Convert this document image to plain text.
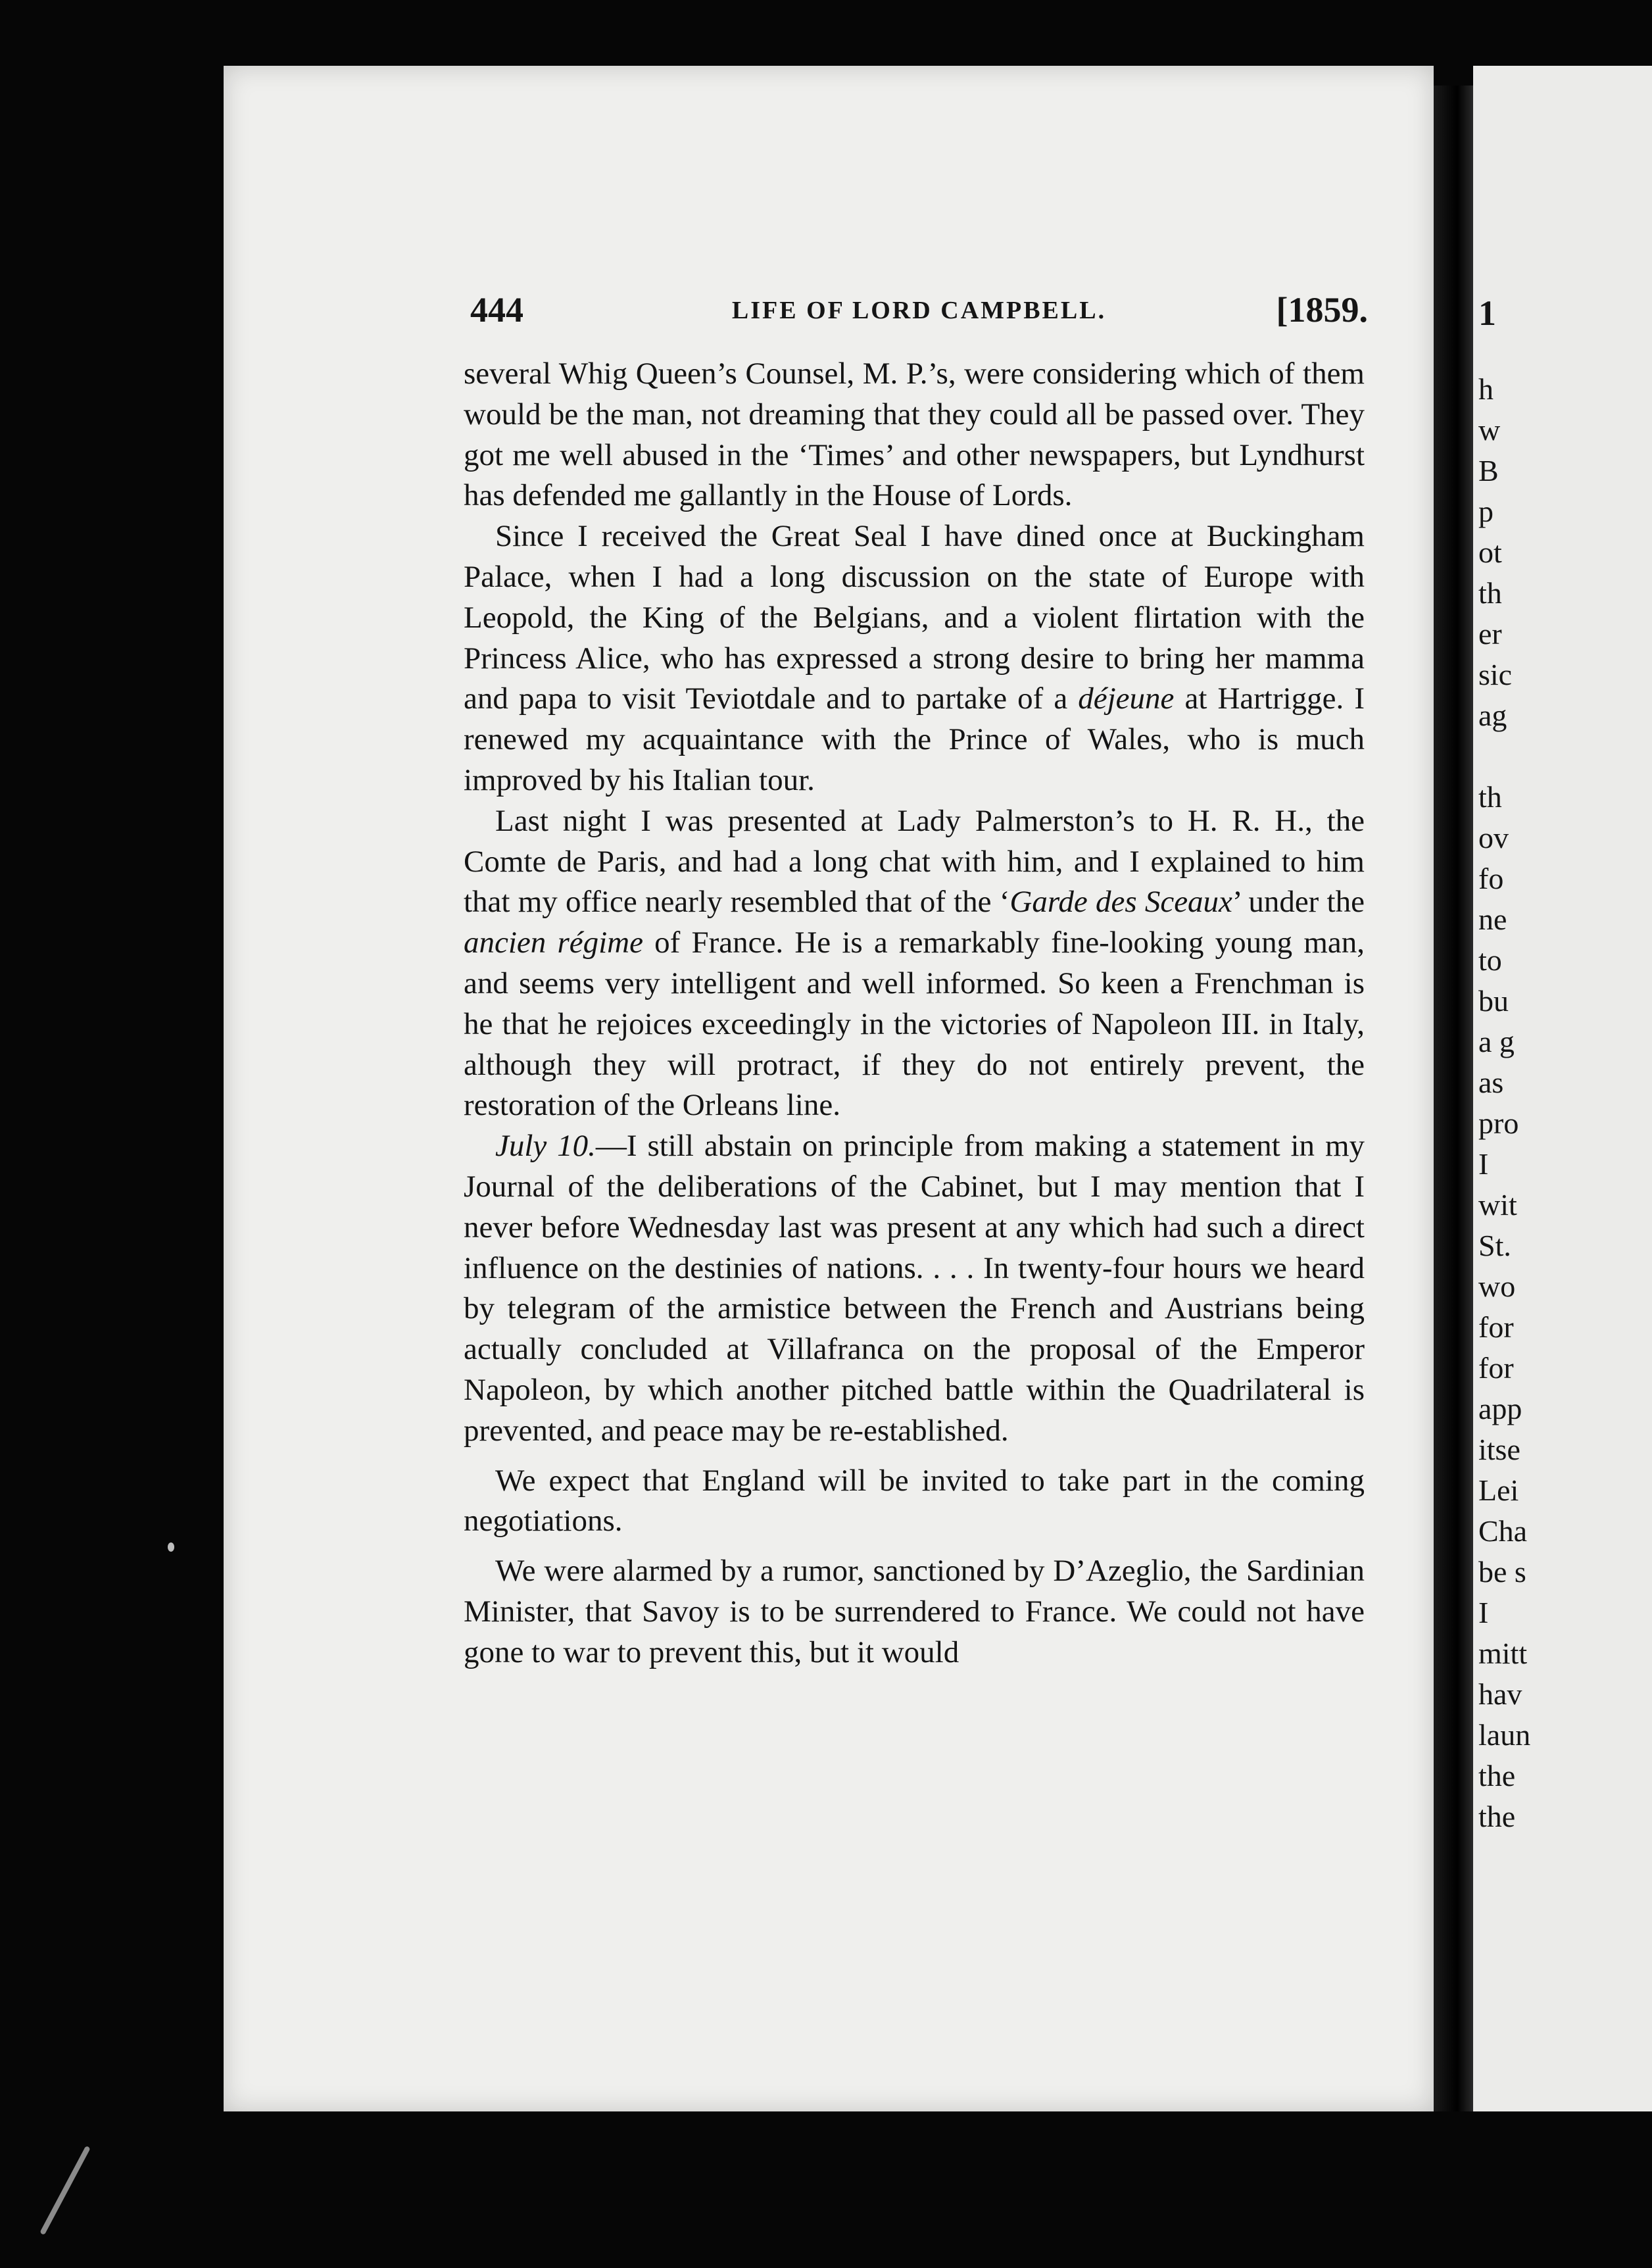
444	LIFE OF LORD CAMPBELL.	[1859.

several Whig Queen’s Counsel, M. P.’s, were considering which of them would be the man, not dreaming that they could all be passed over. They got me well abused in the ‘Times’ and other newspapers, but Lyndhurst has defended me gallantly in the House of Lords.

Since I received the Great Seal I have dined once at Buckingham Palace, when I had a long discussion on the state of Europe with Leopold, the King of the Belgians, and a violent flirtation with the Princess Alice, who has expressed a strong desire to bring her mamma and papa to visit Teviotdale and to partake of a déjeune at Hartrigge. I renewed my acquaintance with the Prince of Wales, who is much improved by his Italian tour.

Last night I was presented at Lady Palmerston’s to H. R. H., the Comte de Paris, and had a long chat with him, and I explained to him that my office nearly resembled that of the ‘Garde des Sceaux’ under the ancien régime of France. He is a remarkably fine-looking young man, and seems very intelligent and well informed. So keen a Frenchman is he that he rejoices exceedingly in the victories of Napoleon III. in Italy, although they will protract, if they do not entirely prevent, the restoration of the Orleans line.

July 10.—I still abstain on principle from making a statement in my Journal of the deliberations of the Cabinet, but I may mention that I never before Wednesday last was present at any which had such a direct influence on the destinies of nations. . . . In twenty-four hours we heard by telegram of the armistice between the French and Austrians being actually concluded at Villafranca on the proposal of the Emperor Napoleon, by which another pitched battle within the Quadrilateral is prevented, and peace may be re-established.

We expect that England will be invited to take part in the coming negotiations.

We were alarmed by a rumor, sanctioned by D’Azeglio, the Sardinian Minister, that Savoy is to be surrendered to France. We could not have gone to war to prevent this, but it would

1
h
w
B
p
ot
th
er
sic
ag
th
ov
fo
ne
to
bu
a g
as
pro
I
wit
St.
wo
for
for
app
itse
Lei
Cha
be s
I
mitt
hav
laun
the
the
